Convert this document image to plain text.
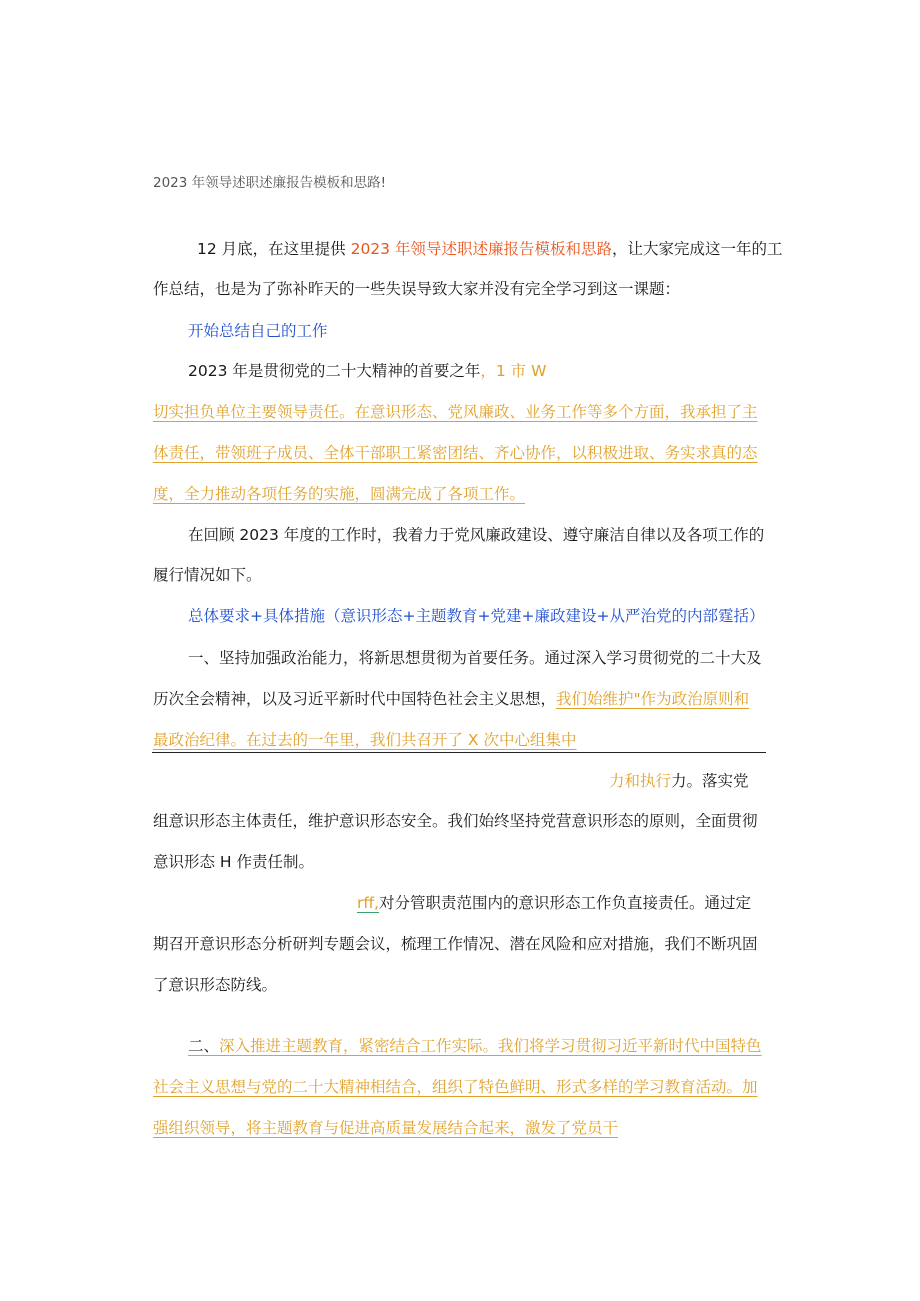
2023 年领导述职述廉报告模板和思路!
12 月底，在这里提供 2023 年领导述职述廉报告模板和思路，让大家完成这一年的工
作总结，也是为了弥补昨天的一些失误导致大家并没有完全学习到这一课题：
开始总结自己的工作
2023 年是贯彻党的二十大精神的首要之年，1 市 W
切实担负单位主要领导责任。在意识形态、党风廉政、业务工作等多个方面，我承担了主
体责任，带领班子成员、全体干部职工紧密团结、齐心协作，以积极进取、务实求真的态
度，全力推动各项任务的实施，圆满完成了各项工作。
在回顾 2023 年度的工作时，我着力于党风廉政建设、遵守廉洁自律以及各项工作的
履行情况如下。
总体要求+具体措施（意识形态+主题教育+党建+廉政建设+从严治党的内部霆括）
一、坚持加强政治能力，将新思想贯彻为首要任务。通过深入学习贯彻党的二十大及
历次全会精神，以及习近平新时代中国特色社会主义思想，我们始维护"作为政治原则和
最政治纪律。在过去的一年里，我们共召开了 X 次中心组集中
力和执行力。落实党
组意识形态主体责任，维护意识形态安全。我们始终坚持党营意识形态的原则，全面贯彻
意识形态 H 作责任制。
rff,对分管职责范围内的意识形态工作负直接责任。通过定
期召开意识形态分析研判专题会议，梳理工作情况、潜在风险和应对措施，我们不断巩固
了意识形态防线。
二、深入推进主题教育，紧密结合工作实际。我们将学习贯彻习近平新时代中国特色
社会主义思想与党的二十大精神相结合，组织了特色鲜明、形式多样的学习教育活动。加
强组织领导，将主题教育与促进高质量发展结合起来，激发了党员干
